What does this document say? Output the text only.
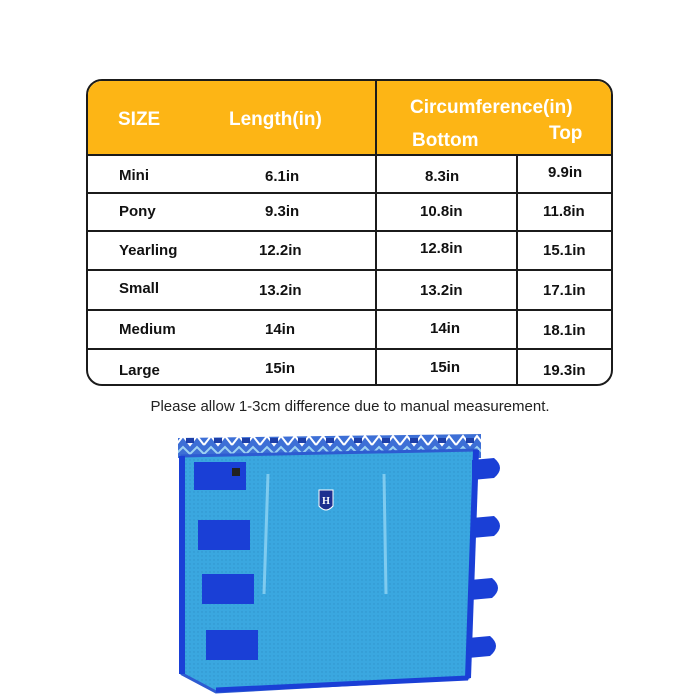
SIZE	Length(in)
Circumference(in)
Bottom	Top
Mini	6.1in	8.3in	9.9in
Pony	9.3in	10.8in	11.8in
Yearling	12.2in	12.8in	15.1in
Small	13.2in	13.2in	17.1in
Medium	14in	14in	18.1in
Large	15in	15in	19.3in
Please allow 1-3cm difference due to manual measurement.
H
